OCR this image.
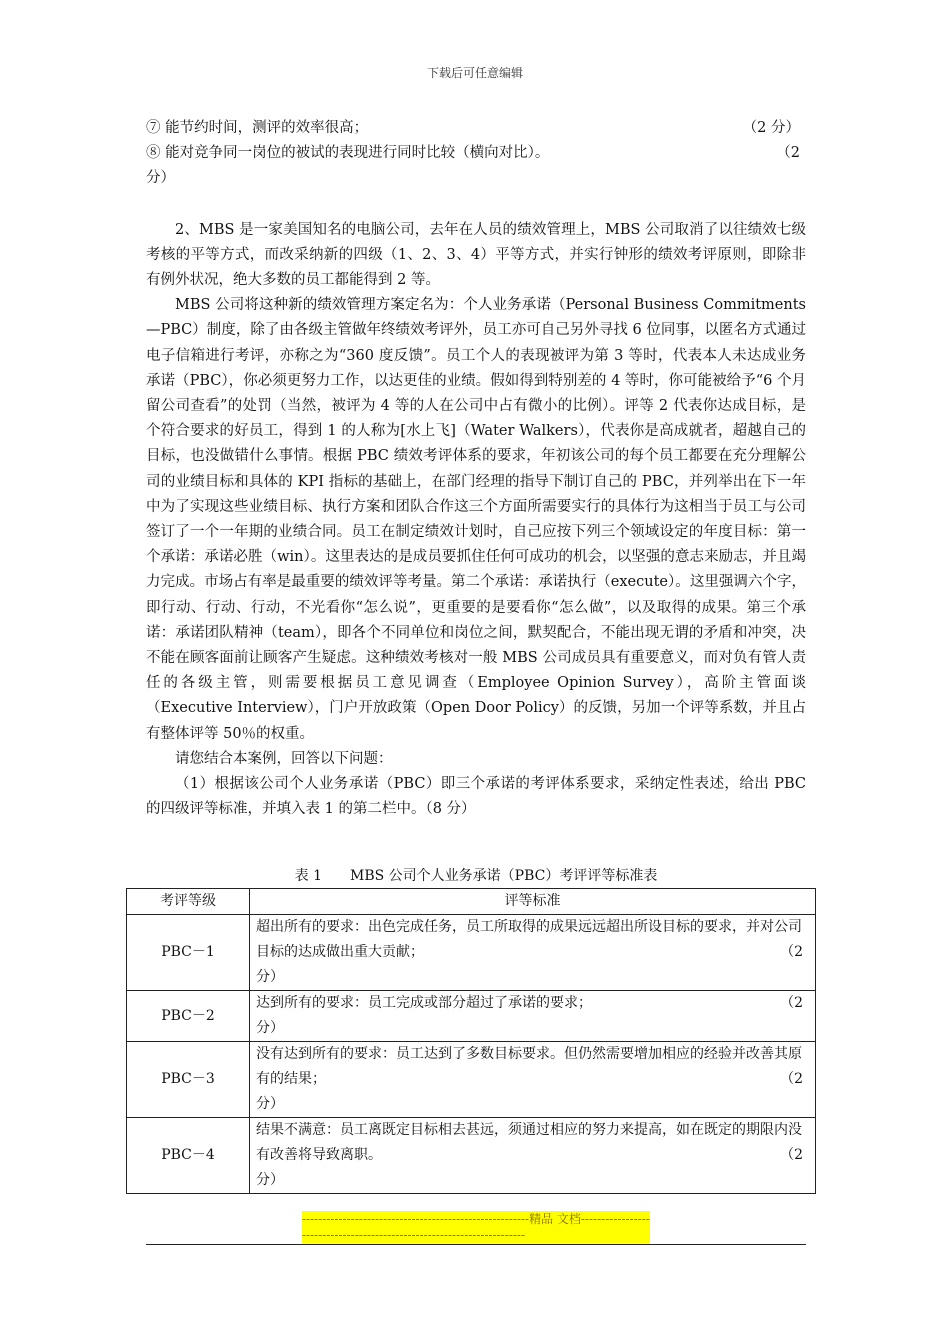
下载后可任意编辑
⑦ 能节约时间，测评的效率很高；	（2 分）
⑧ 能对竞争同一岗位的被试的表现进行同时比较（横向对比）。	（2
分）

2、MBS 是一家美国知名的电脑公司，去年在人员的绩效管理上，MBS 公司取消了以往绩效七级考核的平等方式，而改采纳新的四级（1、2、3、4）平等方式，并实行钟形的绩效考评原则，即除非有例外状况，绝大多数的员工都能得到 2 等。

MBS 公司将这种新的绩效管理方案定名为：个人业务承诺（Personal Business Commitments—PBC）制度，除了由各级主管做年终绩效考评外，员工亦可自己另外寻找 6 位同事，以匿名方式通过电子信箱进行考评，亦称之为“360 度反馈”。员工个人的表现被评为第 3 等时，代表本人未达成业务承诺（PBC），你必须更努力工作，以达更佳的业绩。假如得到特别差的 4 等时，你可能被给予“6 个月留公司查看”的处罚（当然，被评为 4 等的人在公司中占有微小的比例）。评等 2 代表你达成目标，是个符合要求的好员工，得到 1 的人称为[水上飞]（Water Walkers），代表你是高成就者，超越自己的目标，也没做错什么事情。根据 PBC 绩效考评体系的要求，年初该公司的每个员工都要在充分理解公司的业绩目标和具体的 KPI 指标的基础上，在部门经理的指导下制订自己的 PBC，并列举出在下一年中为了实现这些业绩目标、执行方案和团队合作这三个方面所需要实行的具体行为这相当于员工与公司签订了一个一年期的业绩合同。员工在制定绩效计划时，自己应按下列三个领域设定的年度目标：第一个承诺：承诺必胜（win）。这里表达的是成员要抓住任何可成功的机会，以坚强的意志来励志，并且竭力完成。市场占有率是最重要的绩效评等考量。第二个承诺：承诺执行（execute）。这里强调六个字，即行动、行动、行动，不光看你“怎么说”，更重要的是要看你“怎么做”，以及取得的成果。第三个承诺：承诺团队精神（team），即各个不同单位和岗位之间，默契配合，不能出现无谓的矛盾和冲突，决不能在顾客面前让顾客产生疑虑。这种绩效考核对一般 MBS 公司成员具有重要意义，而对负有管人责任的各级主管，则需要根据员工意见调查（Employee Opinion Survey），高阶主管面谈（Executive Interview），门户开放政策（Open Door Policy）的反馈，另加一个评等系数，并且占有整体评等 50％的权重。

请您结合本案例，回答以下问题：

（1）根据该公司个人业务承诺（PBC）即三个承诺的考评体系要求，采纳定性表述，给出 PBC 的四级评等标准，并填入表 1 的第二栏中。（8 分）

表 1　　MBS 公司个人业务承诺（PBC）考评评等标准表
考评等级	评等标准
PBC－1	超出所有的要求：出色完成任务，员工所取得的成果远远超出所设目标的要求，并对公司目标的达成做出重大贡献； （2
分）

PBC－2	达到所有的要求：员工完成或部分超过了承诺的要求； （2
分）

PBC－3	没有达到所有的要求：员工达到了多数目标要求。但仍然需要增加相应的经验并改善其原有的结果； （2
分）

PBC－4	结果不满意：员工离既定目标相去甚远，须通过相应的努力来提高，如在既定的期限内没有改善将导致离职。 （2
分）
--------------------------------------------------------精品 文档------------------------------------------------------------------------
